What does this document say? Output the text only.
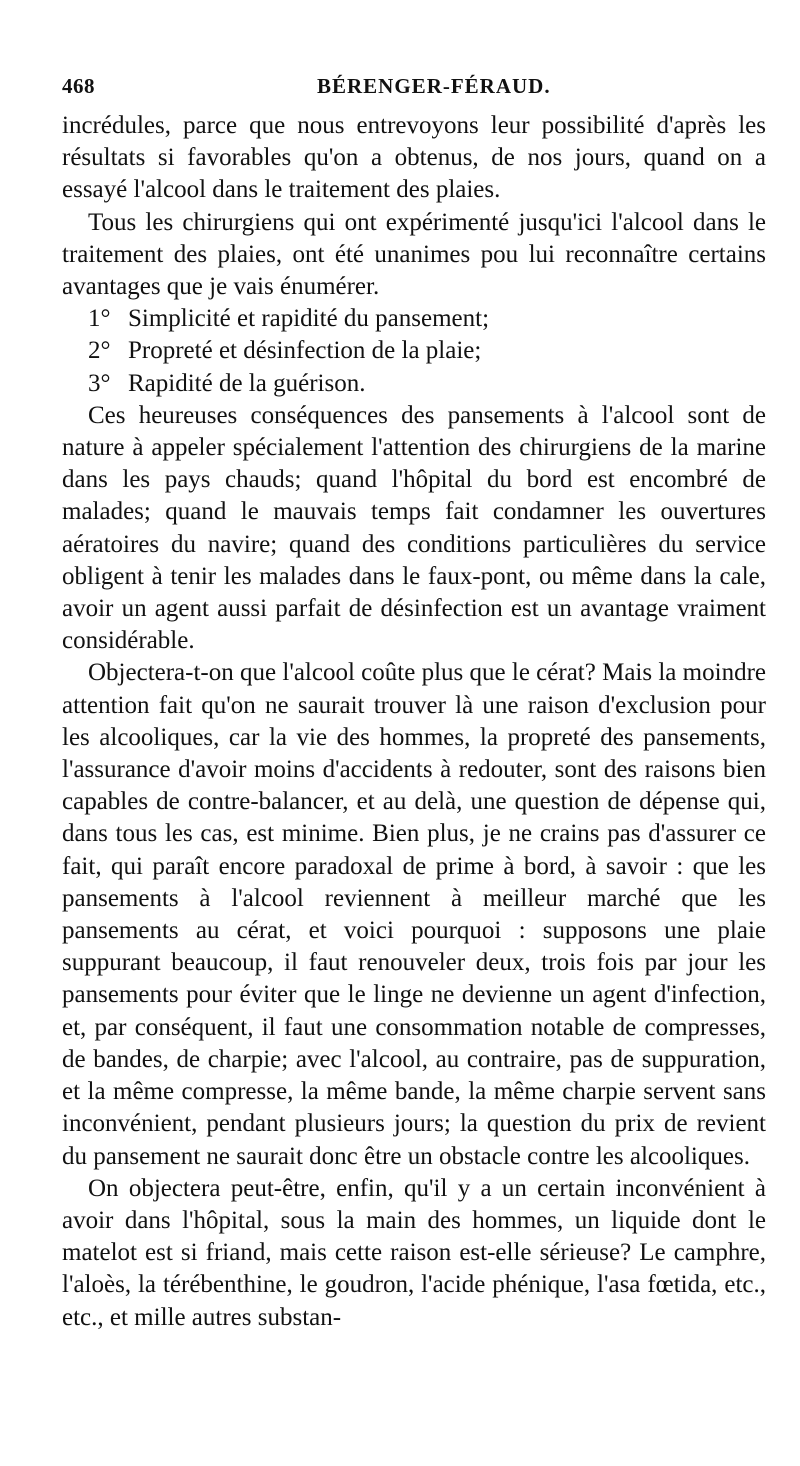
468	BÉRENGER-FÉRAUD.

incrédules, parce que nous entrevoyons leur possibilité d'après les résultats si favorables qu'on a obtenus, de nos jours, quand on a essayé l'alcool dans le traitement des plaies.

Tous les chirurgiens qui ont expérimenté jusqu'ici l'alcool dans le traitement des plaies, ont été unanimes pou lui reconnaître certains avantages que je vais énumérer.

1° Simplicité et rapidité du pansement;

2° Propreté et désinfection de la plaie;

3° Rapidité de la guérison.

Ces heureuses conséquences des pansements à l'alcool sont de nature à appeler spécialement l'attention des chirurgiens de la marine dans les pays chauds; quand l'hôpital du bord est encombré de malades; quand le mauvais temps fait condamner les ouvertures aératoires du navire; quand des conditions particulières du service obligent à tenir les malades dans le faux-pont, ou même dans la cale, avoir un agent aussi parfait de désinfection est un avantage vraiment considérable.

Objectera-t-on que l'alcool coûte plus que le cérat? Mais la moindre attention fait qu'on ne saurait trouver là une raison d'exclusion pour les alcooliques, car la vie des hommes, la propreté des pansements, l'assurance d'avoir moins d'accidents à redouter, sont des raisons bien capables de contre-balancer, et au delà, une question de dépense qui, dans tous les cas, est minime. Bien plus, je ne crains pas d'assurer ce fait, qui paraît encore paradoxal de prime à bord, à savoir : que les pansements à l'alcool reviennent à meilleur marché que les pansements au cérat, et voici pourquoi : supposons une plaie suppurant beaucoup, il faut renouveler deux, trois fois par jour les pansements pour éviter que le linge ne devienne un agent d'infection, et, par conséquent, il faut une consommation notable de compresses, de bandes, de charpie; avec l'alcool, au contraire, pas de suppuration, et la même compresse, la même bande, la même charpie servent sans inconvénient, pendant plusieurs jours; la question du prix de revient du pansement ne saurait donc être un obstacle contre les alcooliques.

On objectera peut-être, enfin, qu'il y a un certain inconvénient à avoir dans l'hôpital, sous la main des hommes, un liquide dont le matelot est si friand, mais cette raison est-elle sérieuse? Le camphre, l'aloès, la térébenthine, le goudron, l'acide phénique, l'asa fœtida, etc., etc., et mille autres substan-
